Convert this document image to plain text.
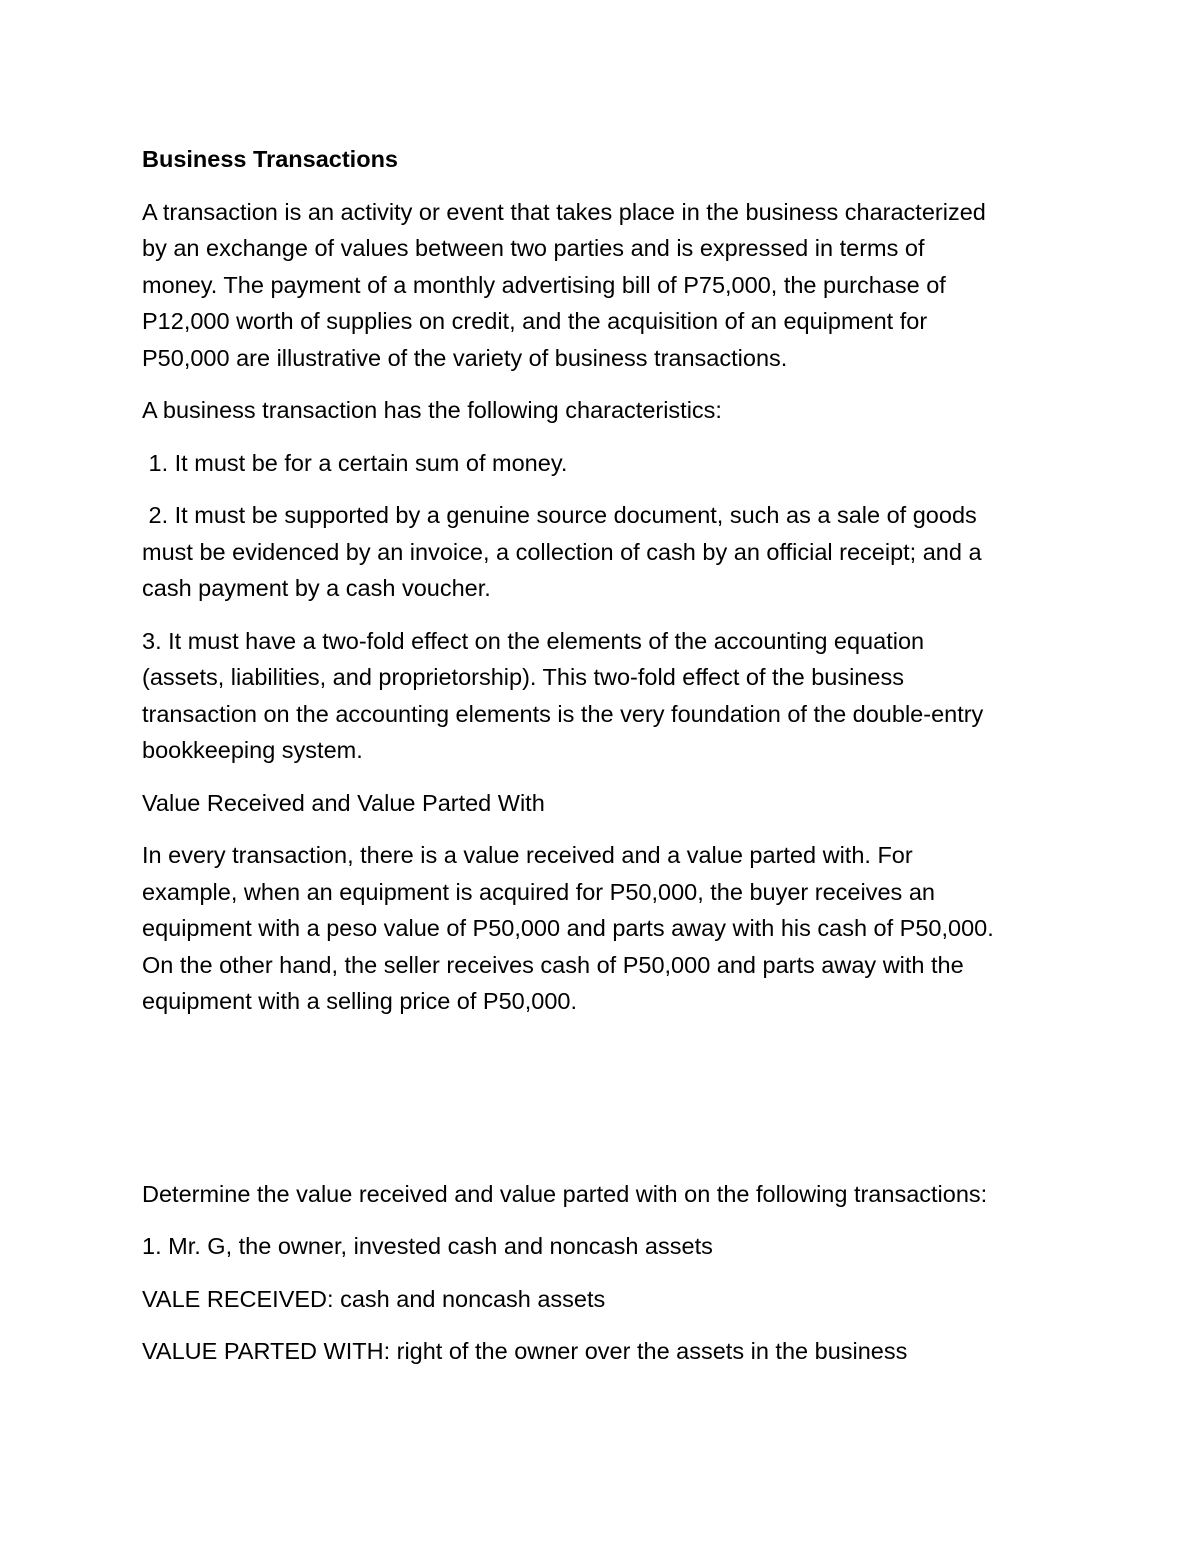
Business Transactions

A transaction is an activity or event that takes place in the business characterized
by an exchange of values between two parties and is expressed in terms of
money. The payment of a monthly advertising bill of P75,000, the purchase of
P12,000 worth of supplies on credit, and the acquisition of an equipment for
P50,000 are illustrative of the variety of business transactions.

A business transaction has the following characteristics:

1. It must be for a certain sum of money.

2. It must be supported by a genuine source document, such as a sale of goods
must be evidenced by an invoice, a collection of cash by an official receipt; and a
cash payment by a cash voucher.

3. It must have a two-fold effect on the elements of the accounting equation
(assets, liabilities, and proprietorship). This two-fold effect of the business
transaction on the accounting elements is the very foundation of the double-entry
bookkeeping system.

Value Received and Value Parted With

In every transaction, there is a value received and a value parted with. For
example, when an equipment is acquired for P50,000, the buyer receives an
equipment with a peso value of P50,000 and parts away with his cash of P50,000.
On the other hand, the seller receives cash of P50,000 and parts away with the
equipment with a selling price of P50,000.

Determine the value received and value parted with on the following transactions:

1. Mr. G, the owner, invested cash and noncash assets

VALE RECEIVED: cash and noncash assets

VALUE PARTED WITH: right of the owner over the assets in the business
